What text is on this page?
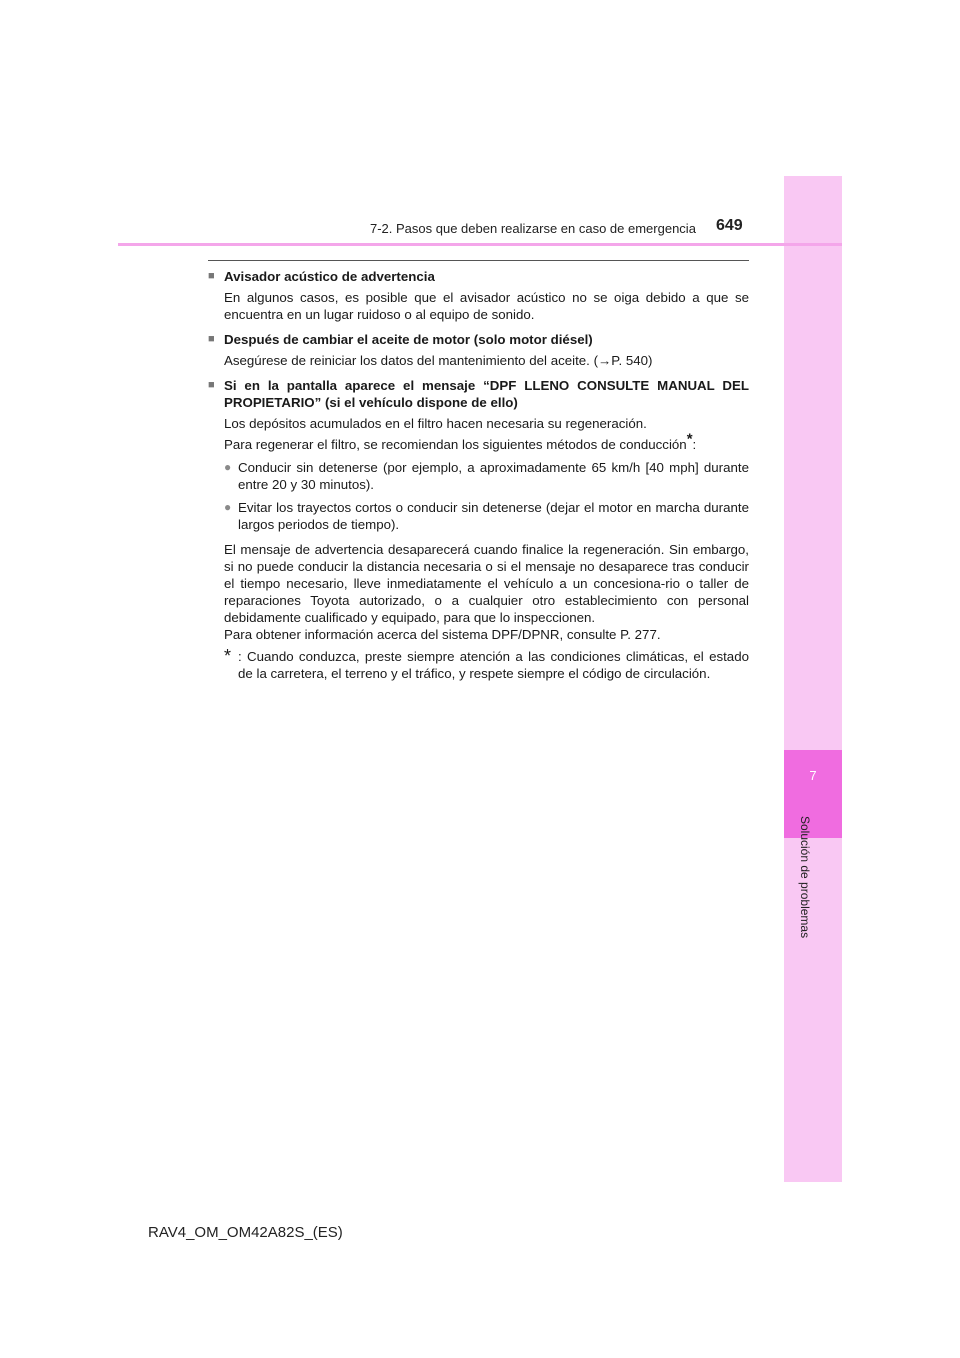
7
Solución de problemas
7-2. Pasos que deben realizarse en caso de emergencia 649
■ Avisador acústico de advertencia

En algunos casos, es posible que el avisador acústico no se oiga debido a que se encuentra en un lugar ruidoso o al equipo de sonido.

■ Después de cambiar el aceite de motor (solo motor diésel)

Asegúrese de reiniciar los datos del mantenimiento del aceite. (→P. 540)

■ Si en la pantalla aparece el mensaje “DPF LLENO CONSULTE MANUAL DEL PROPIETARIO” (si el vehículo dispone de ello)

Los depósitos acumulados en el filtro hacen necesaria su regeneración.

Para regenerar el filtro, se recomiendan los siguientes métodos de conducción*:

● Conducir sin detenerse (por ejemplo, a aproximadamente 65 km/h [40 mph] durante entre 20 y 30 minutos).
● Evitar los trayectos cortos o conducir sin detenerse (dejar el motor en marcha durante largos periodos de tiempo).

El mensaje de advertencia desaparecerá cuando finalice la regeneración. Sin embargo, si no puede conducir la distancia necesaria o si el mensaje no desaparece tras conducir el tiempo necesario, lleve inmediatamente el vehículo a un concesiona-rio o taller de reparaciones Toyota autorizado, o a cualquier otro establecimiento con personal debidamente cualificado y equipado, para que lo inspeccionen.

Para obtener información acerca del sistema DPF/DPNR, consulte P. 277.

* : Cuando conduzca, preste siempre atención a las condiciones climáticas, el estado de la carretera, el terreno y el tráfico, y respete siempre el código de circulación.
RAV4_OM_OM42A82S_(ES)
